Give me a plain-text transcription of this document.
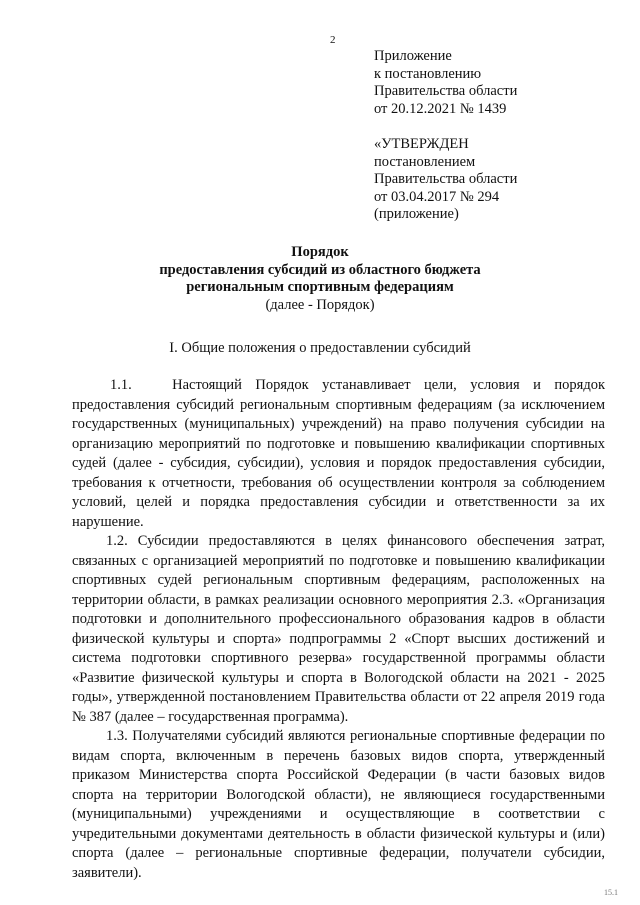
2
Приложение
к постановлению
Правительства области
от 20.12.2021 № 1439
«УТВЕРЖДЕН
постановлением
Правительства области
от 03.04.2017 № 294
(приложение)
Порядок
предоставления субсидий из областного бюджета
региональным спортивным федерациям
(далее - Порядок)
I. Общие положения о предоставлении субсидий

1.1.   Настоящий Порядок устанавливает цели, условия и порядок предоставления субсидий региональным спортивным федерациям (за исключением государственных (муниципальных) учреждений) на право получения субсидии на организацию мероприятий по подготовке и повышению квалификации спортивных судей (далее - субсидия, субсидии), условия и порядок предоставления субсидии, требования к отчетности, требования об осуществлении контроля за соблюдением условий, целей и порядка предоставления субсидии и ответственности за их нарушение.

1.2. Субсидии предоставляются в целях финансового обеспечения затрат, связанных с организацией мероприятий по подготовке и повышению квалификации спортивных судей региональным спортивным федерациям, расположенных на территории области, в рамках реализации основного мероприятия 2.3. «Организация подготовки и дополнительного профессионального образования кадров в области физической культуры и спорта» подпрограммы 2 «Спорт высших достижений и система подготовки спортивного резерва» государственной программы области «Развитие физической культуры и спорта в Вологодской области на 2021 - 2025 годы», утвержденной постановлением Правительства области от 22 апреля 2019 года № 387 (далее – государственная программа).

1.3. Получателями субсидий являются региональные спортивные федерации по видам спорта, включенным в перечень базовых видов спорта, утвержденный приказом Министерства спорта Российской Федерации (в части базовых видов спорта на территории Вологодской области), не являющиеся государственными (муниципальными) учреждениями и осуществляющие в соответствии с учредительными документами деятельность в области физической культуры и (или) спорта (далее – региональные спортивные федерации, получатели субсидии, заявители).

15.1
